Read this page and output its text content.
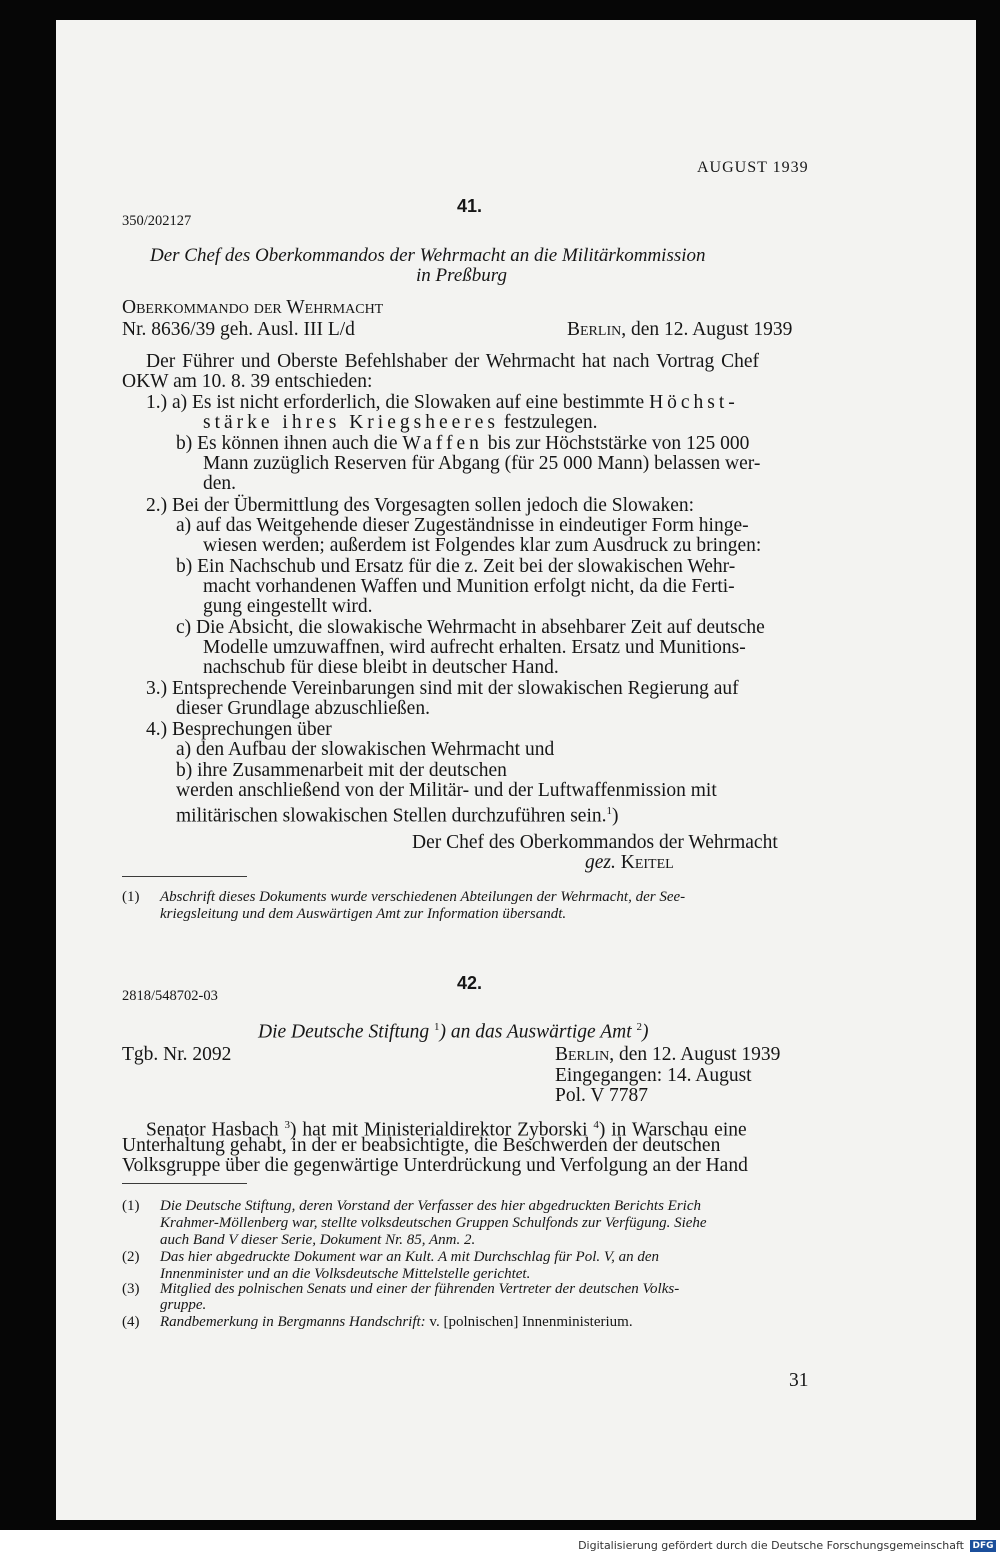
AUGUST 1939
41.
350/202127
Der Chef des Oberkommandos der Wehrmacht an die Militärkommission
in Preßburg
Oberkommando der Wehrmacht
Nr. 8636/39 geh. Ausl. III L/d	Berlin, den 12. August 1939
Der Führer und Oberste Befehlshaber der Wehrmacht hat nach Vortrag Chef
OKW am 10. 8. 39 entschieden:
1.) a) Es ist nicht erforderlich, die Slowaken auf eine bestimmte Höchst-
stärke ihres Kriegsheeres festzulegen.
b) Es können ihnen auch die Waffen bis zur Höchststärke von 125 000
Mann zuzüglich Reserven für Abgang (für 25 000 Mann) belassen wer-
den.
2.) Bei der Übermittlung des Vorgesagten sollen jedoch die Slowaken:
a) auf das Weitgehende dieser Zugeständnisse in eindeutiger Form hinge-
wiesen werden; außerdem ist Folgendes klar zum Ausdruck zu bringen:
b) Ein Nachschub und Ersatz für die z. Zeit bei der slowakischen Wehr-
macht vorhandenen Waffen und Munition erfolgt nicht, da die Ferti-
gung eingestellt wird.
c) Die Absicht, die slowakische Wehrmacht in absehbarer Zeit auf deutsche
Modelle umzuwaffnen, wird aufrecht erhalten. Ersatz und Munitions-
nachschub für diese bleibt in deutscher Hand.
3.) Entsprechende Vereinbarungen sind mit der slowakischen Regierung auf
dieser Grundlage abzuschließen.
4.) Besprechungen über
a) den Aufbau der slowakischen Wehrmacht und
b) ihre Zusammenarbeit mit der deutschen
werden anschließend von der Militär- und der Luftwaffenmission mit
militärischen slowakischen Stellen durchzuführen sein.$^1$)
Der Chef des Oberkommandos der Wehrmacht
gez. Keitel
(1) Abschrift dieses Dokuments wurde verschiedenen Abteilungen der Wehrmacht, der See-
kriegsleitung und dem Auswärtigen Amt zur Information übersandt.
42.
2818/548702-03
Die Deutsche Stiftung $^1$) an das Auswärtige Amt $^2$)
Tgb. Nr. 2092	Berlin, den 12. August 1939
Eingegangen: 14. August
Pol. V 7787
Senator Hasbach $^3$) hat mit Ministerialdirektor Zyborski $^4$) in Warschau eine
Unterhaltung gehabt, in der er beabsichtigte, die Beschwerden der deutschen
Volksgruppe über die gegenwärtige Unterdrückung und Verfolgung an der Hand
(1) Die Deutsche Stiftung, deren Vorstand der Verfasser des hier abgedruckten Berichts Erich
Krahmer-Möllenberg war, stellte volksdeutschen Gruppen Schulfonds zur Verfügung. Siehe
auch Band V dieser Serie, Dokument Nr. 85, Anm. 2.
(2) Das hier abgedruckte Dokument war an Kult. A mit Durchschlag für Pol. V, an den
Innenminister und an die Volksdeutsche Mittelstelle gerichtet.
(3) Mitglied des polnischen Senats und einer der führenden Vertreter der deutschen Volks-
gruppe.
(4) Randbemerkung in Bergmanns Handschrift: v. [polnischen] Innenministerium.
31
Digitalisierung gefördert durch die Deutsche Forschungsgemeinschaft DFG
